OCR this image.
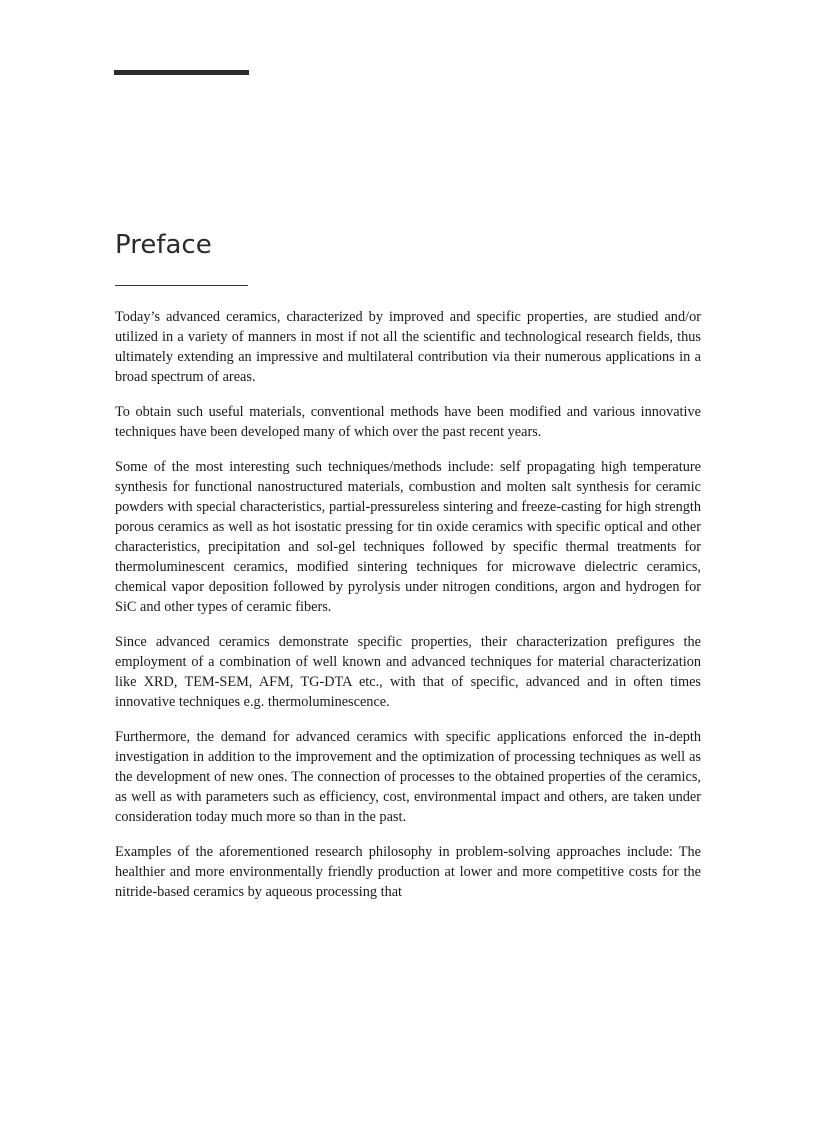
Preface

Today’s advanced ceramics, characterized by improved and specific properties, are studied and/or utilized in a variety of manners in most if not all the scientific and technological research fields, thus ultimately extending an impressive and multilateral contribution via their numerous applications in a broad spectrum of areas.

To obtain such useful materials, conventional methods have been modified and various innovative techniques have been developed many of which over the past recent years.

Some of the most interesting such techniques/methods include: self propagating high temperature synthesis for functional nanostructured materials, combustion and molten salt synthesis for ceramic powders with special characteristics, partial-pressureless sintering and freeze-casting for high strength porous ceramics as well as hot isostatic pressing for tin oxide ceramics with specific optical and other characteristics, precipitation and sol-gel techniques followed by specific thermal treatments for thermoluminescent ceramics, modified sintering techniques for microwave dielectric ceramics, chemical vapor deposition followed by pyrolysis under nitrogen conditions, argon and hydrogen for SiC and other types of ceramic fibers.

Since advanced ceramics demonstrate specific properties, their characterization prefigures the employment of a combination of well known and advanced techniques for material characterization like XRD, TEM-SEM, AFM, TG-DTA etc., with that of specific, advanced and in often times innovative techniques e.g. thermoluminescence.

Furthermore, the demand for advanced ceramics with specific applications enforced the in-depth investigation in addition to the improvement and the optimization of processing techniques as well as the development of new ones. The connection of processes to the obtained properties of the ceramics, as well as with parameters such as efficiency, cost, environmental impact and others, are taken under consideration today much more so than in the past.

Examples of the aforementioned research philosophy in problem-solving approaches include: The healthier and more environmentally friendly production at lower and more competitive costs for the nitride-based ceramics by aqueous processing that
